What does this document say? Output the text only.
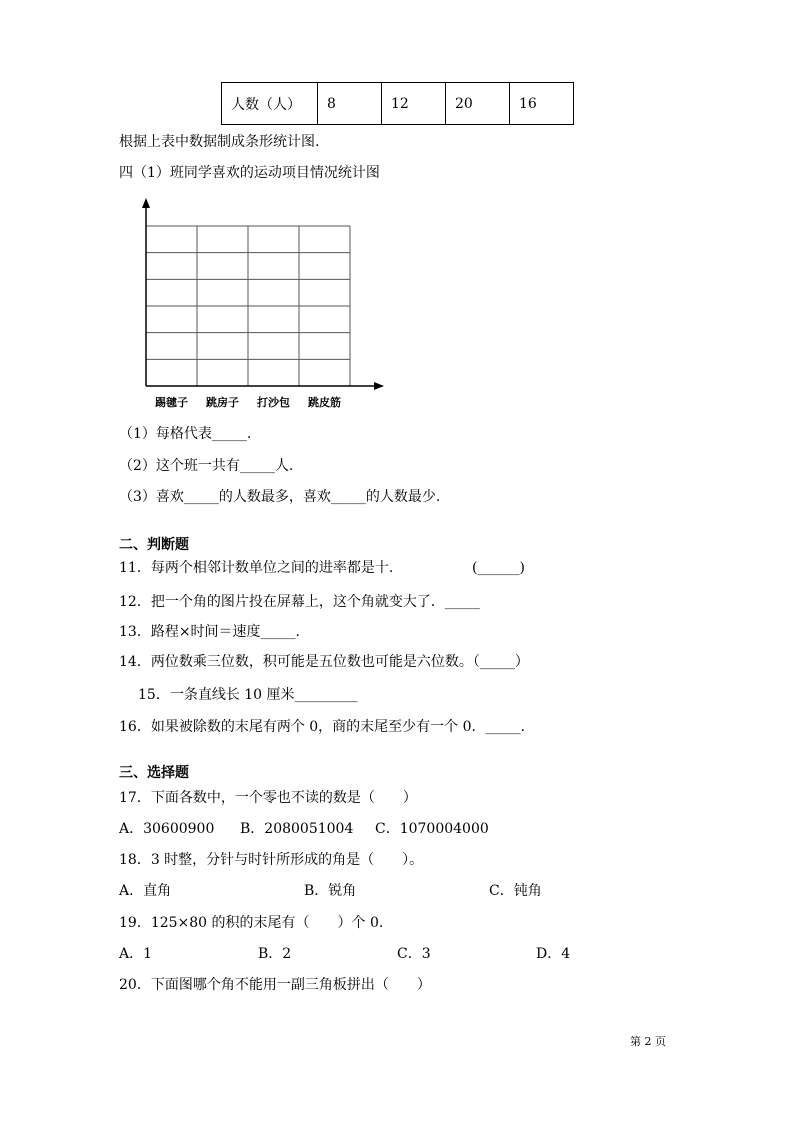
人数（人）	8	12	20	16
根据上表中数据制成条形统计图.
四（1）班同学喜欢的运动项目情况统计图
踢毽子 跳房子 打沙包 跳皮筋
（1）每格代表_____.
（2）这个班一共有_____人.
（3）喜欢_____的人数最多，喜欢_____的人数最少.
二、判断题
11．每两个相邻计数单位之间的进率都是十.	(______)
12．把一个角的图片投在屏幕上，这个角就变大了．_____
13．路程×时间＝速度_____.
14．两位数乘三位数，积可能是五位数也可能是六位数。（_____）
15．一条直线长 10 厘米_________
16．如果被除数的末尾有两个 0，商的末尾至少有一个 0．_____.
三、选择题
17．下面各数中，一个零也不读的数是（　　）
A．30600900 B．2080051004 C．1070004000
18．3 时整，分针与时针所形成的角是（　　）。
A．直角	B．锐角	C．钝角
19．125×80 的积的末尾有（　　）个 0.
A．1	B．2	C．3	D．4
20．下面图哪个角不能用一副三角板拼出（　　）
第 2 页
